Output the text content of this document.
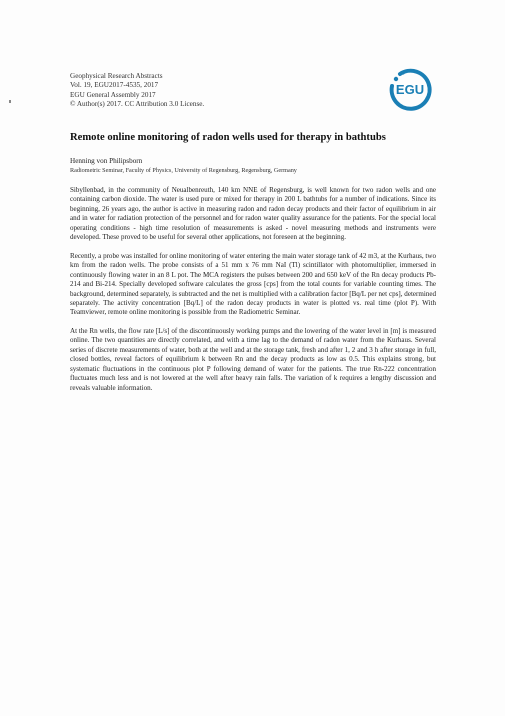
Geophysical Research Abstracts
Vol. 19, EGU2017-4535, 2017
EGU General Assembly 2017
© Author(s) 2017. CC Attribution 3.0 License.
EGU
Remote online monitoring of radon wells used for therapy in bathtubs
Henning von Philipsborn
Radiometric Seminar, Faculty of Physics, University of Regensburg, Regensburg, Germany

Sibyllenbad, in the community of Neualbenreuth, 140 km NNE of Regensburg, is well known for two radon wells and one containing carbon dioxide. The water is used pure or mixed for therapy in 200 L bathtubs for a number of indications. Since its beginning, 26 years ago, the author is active in measuring radon and radon decay products and their factor of equilibrium in air and in water for radiation protection of the personnel and for radon water quality assurance for the patients. For the special local operating conditions - high time resolution of measurements is asked - novel measuring methods and instruments were developed. These proved to be useful for several other applications, not foreseen at the beginning.

Recently, a probe was installed for online monitoring of water entering the main water storage tank of 42 m3, at the Kurhaus, two km from the radon wells. The probe consists of a 51 mm x 76 mm NaI (Tl) scintillator with photomultiplier, immersed in continuously flowing water in an 8 L pot. The MCA registers the pulses between 200 and 650 keV of the Rn decay products Pb-214 and Bi-214. Specially developed software calculates the gross [cps] from the total counts for variable counting times. The background, determined separately, is subtracted and the net is multiplied with a calibration factor [Bq/L per net cps], determined separately. The activity concentration [Bq/L] of the radon decay products in water is plotted vs. real time (plot P). With Teamviewer, remote online monitoring is possible from the Radiometric Seminar.

At the Rn wells, the flow rate [L/s] of the discontinuously working pumps and the lowering of the water level in [m] is measured online. The two quantities are directly correlated, and with a time lag to the demand of radon water from the Kurhaus. Several series of discrete measurements of water, both at the well and at the storage tank, fresh and after 1, 2 and 3 h after storage in full, closed bottles, reveal factors of equilibrium k between Rn and the decay products as low as 0.5. This explains strong, but systematic fluctuations in the continuous plot P following demand of water for the patients. The true Rn-222 concentration fluctuates much less and is not lowered at the well after heavy rain falls. The variation of k requires a lengthy discussion and reveals valuable information.
